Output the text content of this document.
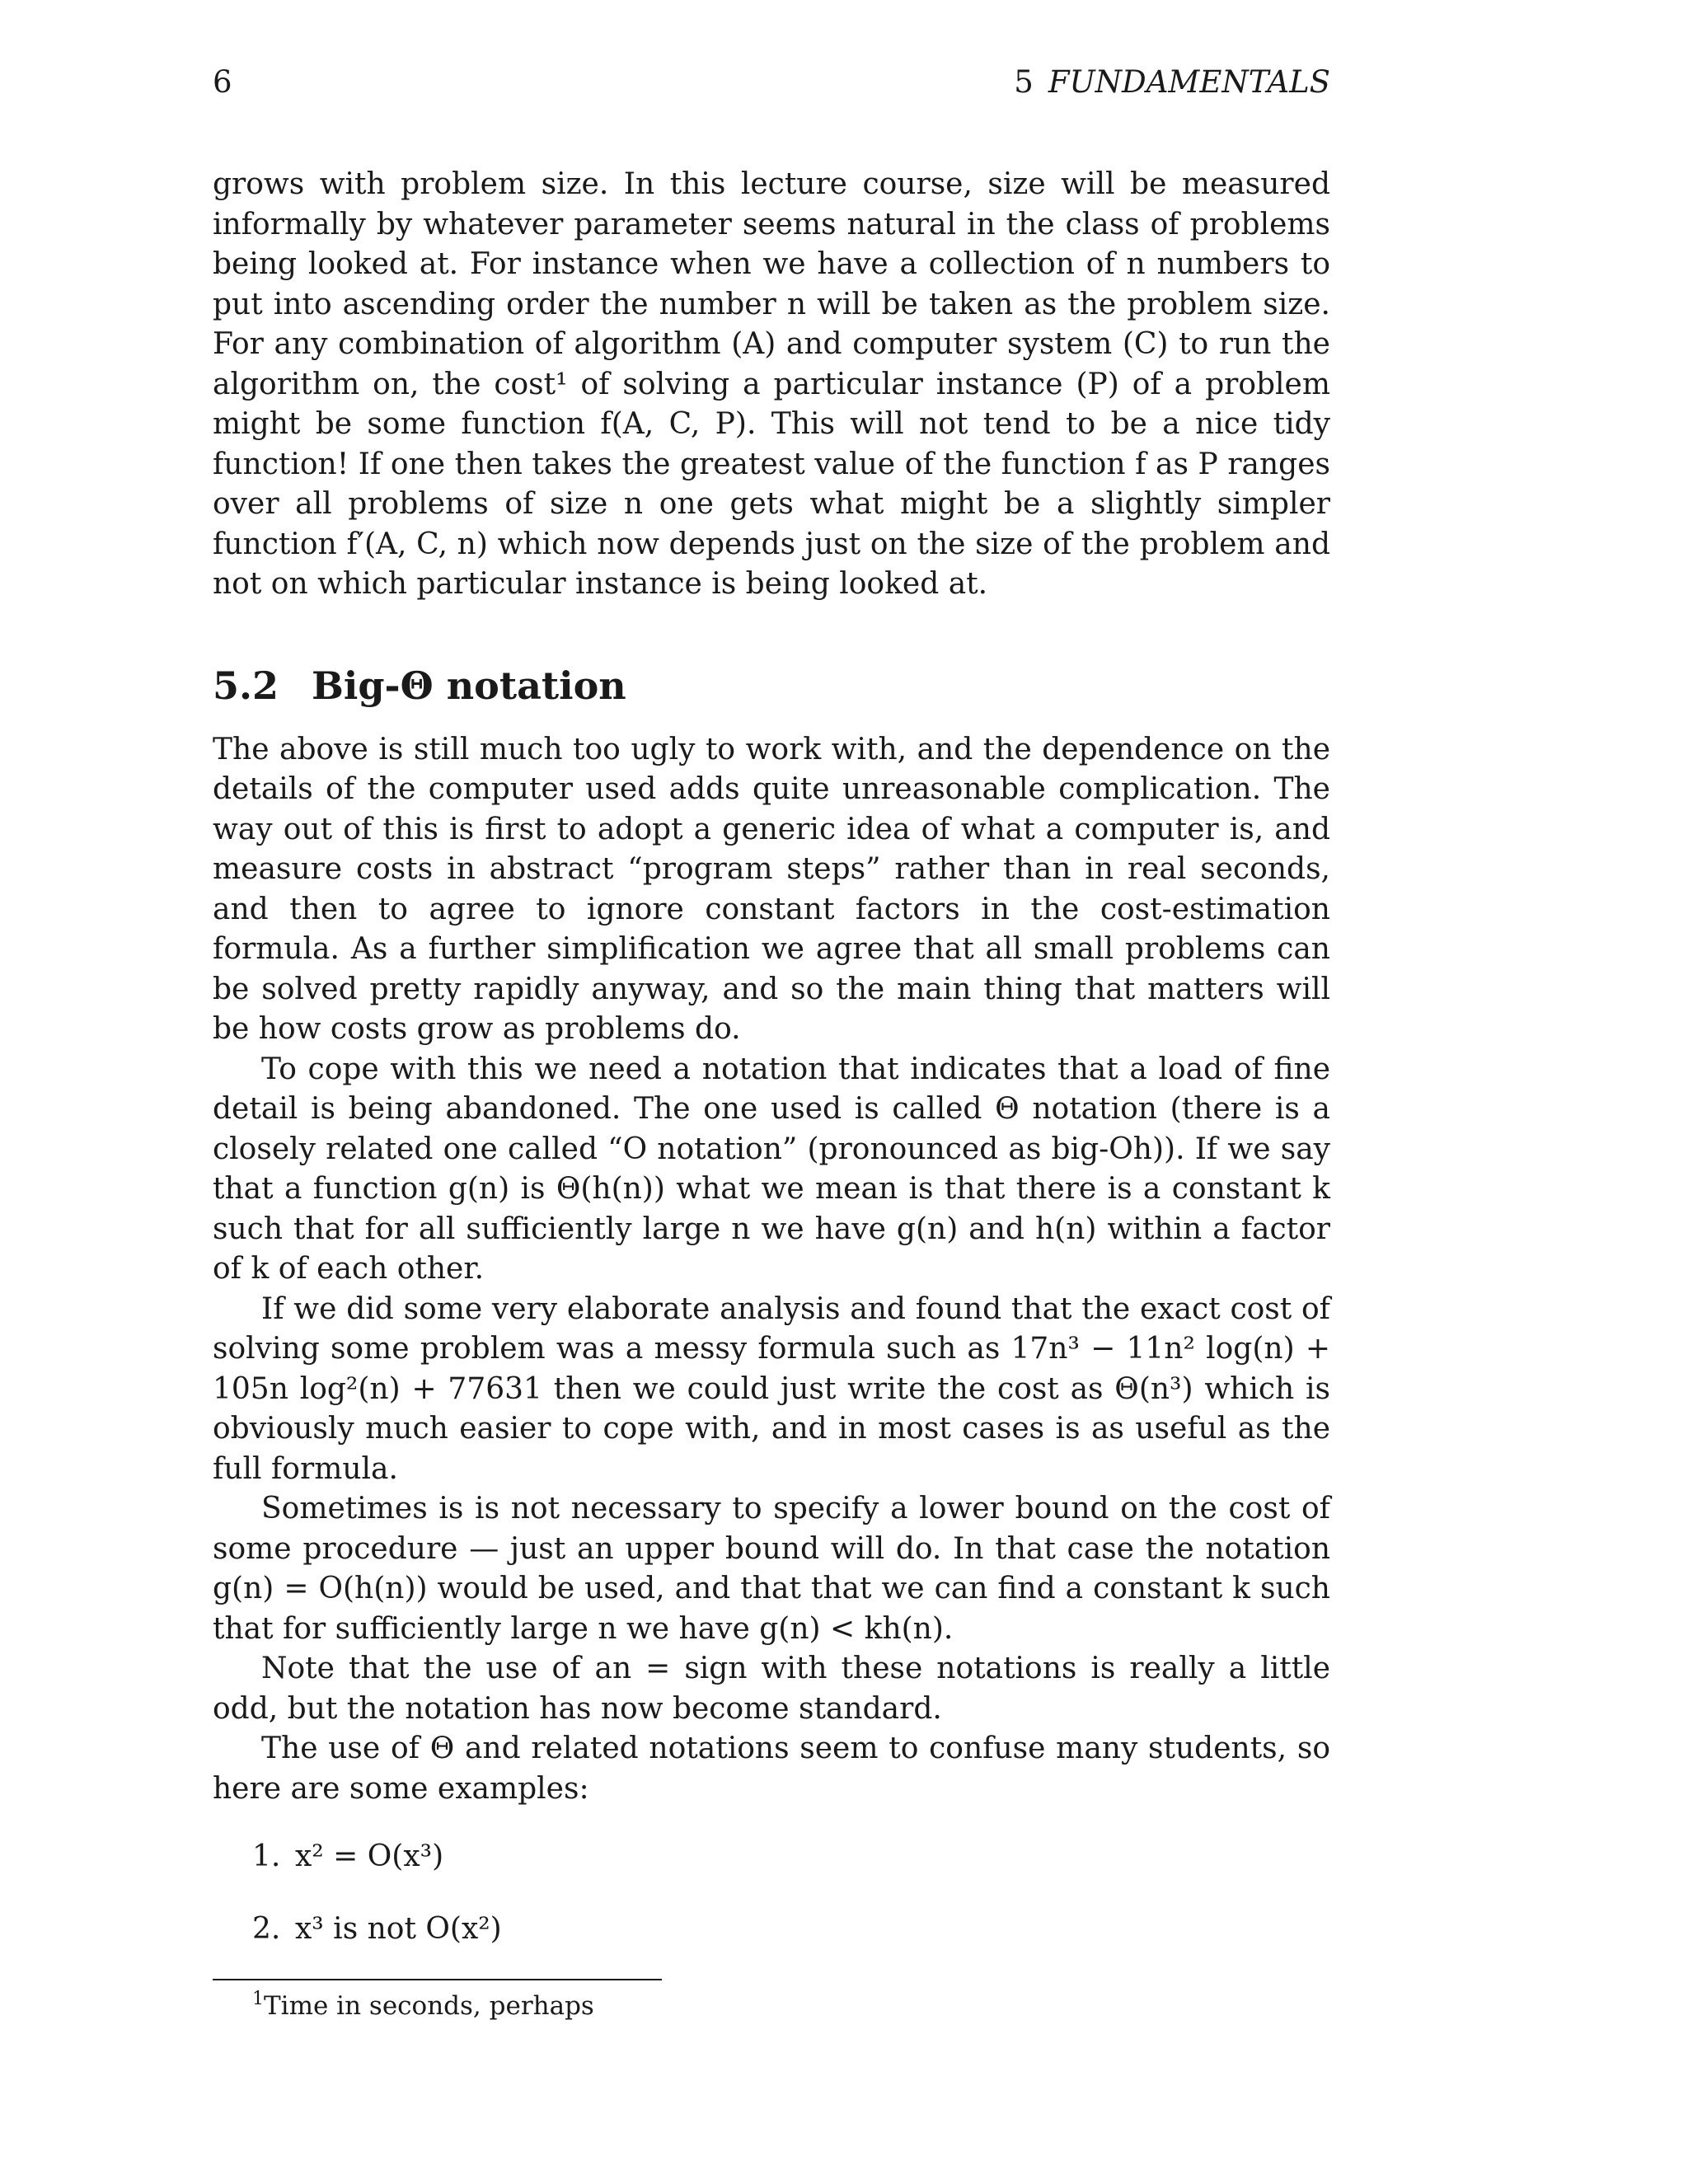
6	5 FUNDAMENTALS

grows with problem size. In this lecture course, size will be measured informally by whatever parameter seems natural in the class of problems being looked at. For instance when we have a collection of n numbers to put into ascending order the number n will be taken as the problem size. For any combination of algorithm (A) and computer system (C) to run the algorithm on, the cost¹ of solving a particular instance (P) of a problem might be some function f(A, C, P). This will not tend to be a nice tidy function! If one then takes the greatest value of the function f as P ranges over all problems of size n one gets what might be a slightly simpler function f′(A, C, n) which now depends just on the size of the problem and not on which particular instance is being looked at.

5.2 Big-Θ notation

The above is still much too ugly to work with, and the dependence on the details of the computer used adds quite unreasonable complication. The way out of this is first to adopt a generic idea of what a computer is, and measure costs in abstract “program steps” rather than in real seconds, and then to agree to ignore constant factors in the cost-estimation formula. As a further simplification we agree that all small problems can be solved pretty rapidly anyway, and so the main thing that matters will be how costs grow as problems do.

To cope with this we need a notation that indicates that a load of fine detail is being abandoned. The one used is called Θ notation (there is a closely related one called “O notation” (pronounced as big-Oh)). If we say that a function g(n) is Θ(h(n)) what we mean is that there is a constant k such that for all sufficiently large n we have g(n) and h(n) within a factor of k of each other.

If we did some very elaborate analysis and found that the exact cost of solving some problem was a messy formula such as 17n³ − 11n² log(n) + 105n log²(n) + 77631 then we could just write the cost as Θ(n³) which is obviously much easier to cope with, and in most cases is as useful as the full formula.

Sometimes is is not necessary to specify a lower bound on the cost of some procedure — just an upper bound will do. In that case the notation g(n) = O(h(n)) would be used, and that that we can find a constant k such that for sufficiently large n we have g(n) < kh(n).

Note that the use of an = sign with these notations is really a little odd, but the notation has now become standard.

The use of Θ and related notations seem to confuse many students, so here are some examples:

1. x² = O(x³)
2. x³ is not O(x²)
$^1$Time in seconds, perhaps
